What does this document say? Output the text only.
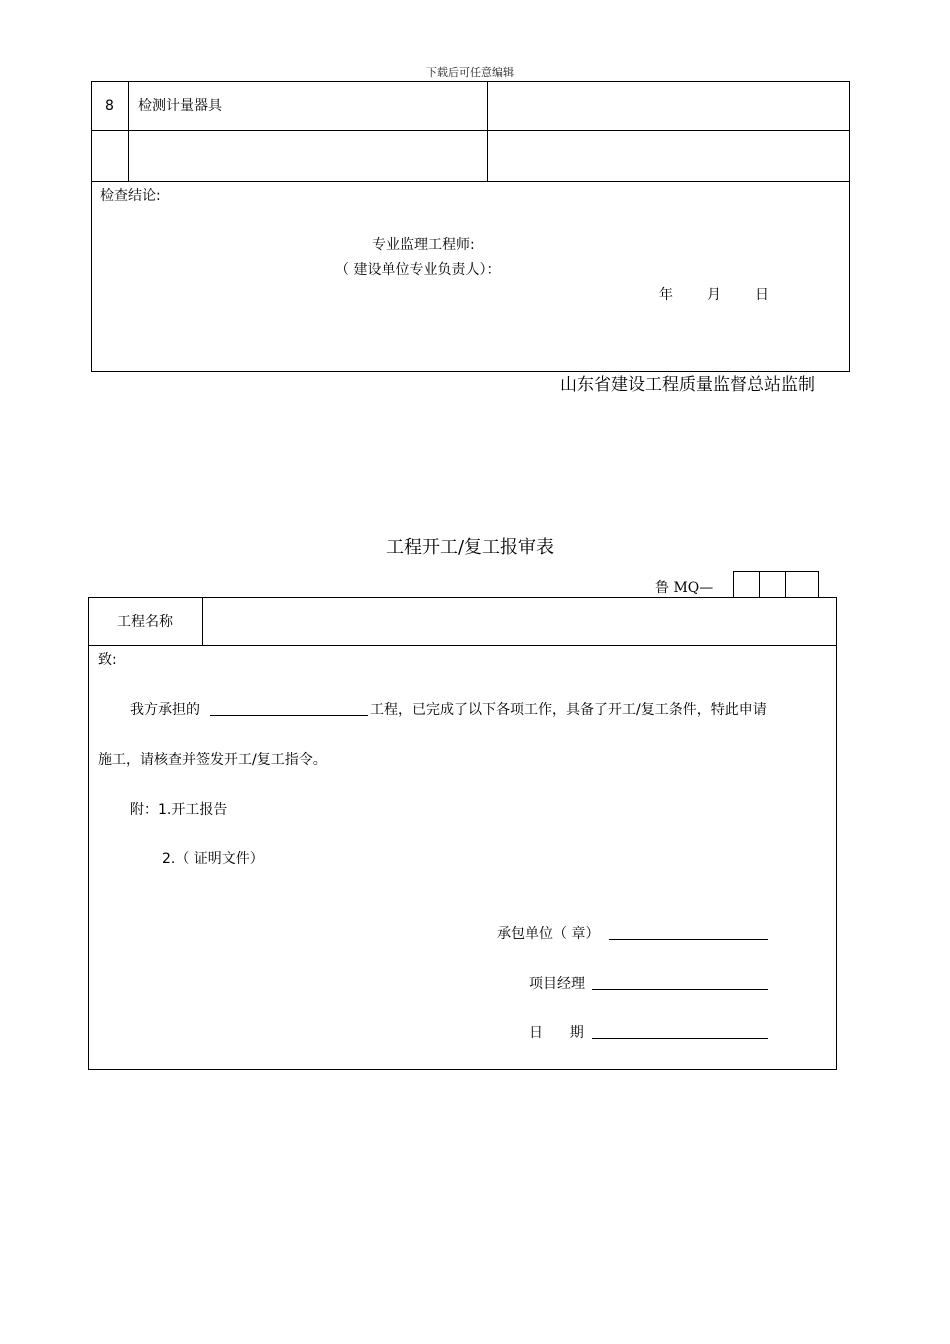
下载后可任意编辑
8	检测计量器具
检查结论:
专业监理工程师:
（ 建设单位专业负责人）：
年 月 日
山东省建设工程质量监督总站监制
工程开工/复工报审表
鲁 MQ—
工程名称
致:
我方承担的	工程，已完成了以下各项工作，具备了开工/复工条件，特此申请
施工，请核查并签发开工/复工指令。
附：1.开工报告
2.（ 证明文件）
承包单位（ 章）
项目经理
日      期
